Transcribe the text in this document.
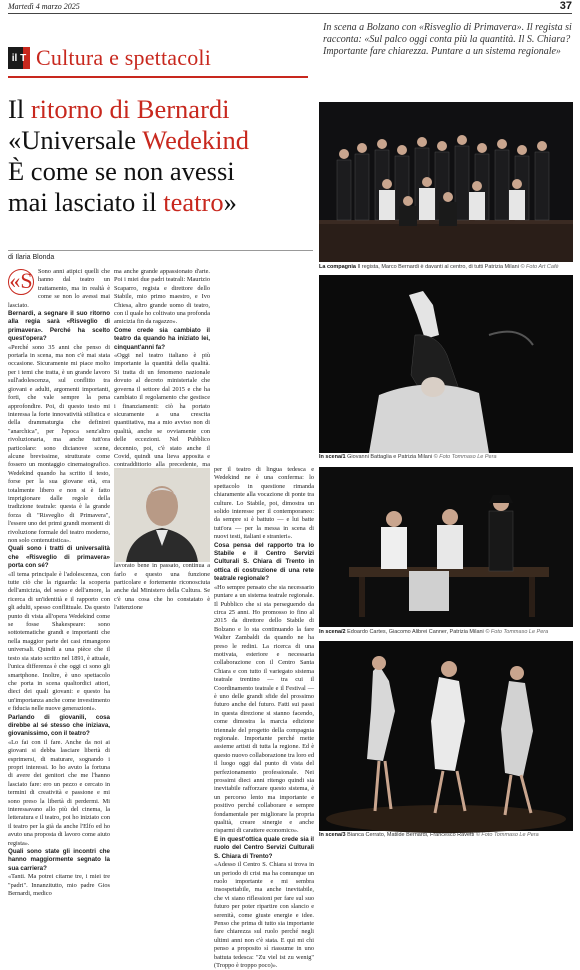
Martedì 4 marzo 2025	37
il T Cultura e spettacoli
In scena a Bolzano con «Risveglio di Primavera». Il regista si racconta: «Sul palco oggi conta più la quantità. Il S. Chiara? Importante fare chiarezza. Puntare a un sistema regionale»
Il ritorno di Bernardi
«Universale Wedekind
È come se non avessi
mai lasciato il teatro»
di Ilaria Blonda
«S Sono anni atipici quelli che hanno dal teatro un trattamento, ma in realtà è come se non lo avessi mai lasciato.

Bernardi, a segnare il suo ritorno alla regia sarà «Risveglio di primavera». Perché ha scelto quest'opera?

«Perché sono 35 anni che penso di portarla in scena, ma non c'è mai stata occasione. Sicuramente mi piace molto per i temi che tratta, è un grande lavoro sull'adolescenza, sul conflitto tra giovani e adulti, argomenti importanti, forti, che vale sempre la pena approfondire. Poi, di questo testo mi interessa la forte innovatività stilistica e della drammaturgia che definirei "anarchica", per l'epoca senz'altro rivoluzionaria, ma anche tutt'ora particolare: sono dicianove scene, alcune brevissime, strutturate come fossero un montaggio cinematografico. Wedekind quando ha scritto il testo, forse per la sua giovane età, era totalmente libero e non si è fatto imprigionare dalle regole della tradizione teatrale: questa è la grande forza di "Risveglio di Primavera", l'essere uno dei primi grandi momenti di rivoluzione formale del teatro moderno, non solo contenutistica».

Quali sono i tratti di universalità che «Risveglio di primavera» porta con sé?

«Il tema principale è l'adolescenza, con tutte ciò che la riguarda: la scoperta dell'amicizia, del sesso e dell'amore, la ricerca di un'identità e il rapporto con gli adulti, spesso conflittuale. Da questo punto di vista all'opera Wedekind come se fosse Shakespeare: sono sottotematiche grandi e importanti che nella maggior parte dei casi rimangono universali. Quindi a una pièce che il testo sia stato scritto nel 1891, è attuale, l'unica differenza è che oggi ci sono gli smartphone. Inoltre, è uno spettacolo che porta in scena qualtordici attori, dieci dei quali giovani: e questo ha un'importanza anche come investimento e fiducia nelle nuove generazioni».

Parlando di giovanili, cosa direbbe al sé stesso che iniziava, giovanissimo, con il teatro?

«Lo fai con il fare. Anche da noi ai giovani si debba lasciare libertà di esprimersi, di maturare, sognando i propri interessi. Io ho avuto la fortuna di avere dei genitori che me l'hanno lasciato fare: ero un pezzo e cercato in termini di creatività e passione e mi sono preso la libertà di perdermi. Mi interessavano allo più del cinema, la letteratura e il teatro, poi ho iniziato con il teatro per la già da anche l'Elfo ed ho avuto una proposta di lavoro come aiuto regista».

Quali sono state gli incontri che hanno maggiormente segnato la sua carriera?

«Tanti. Ma potrei citarne tre, i miei tre "padri". Innanzitutto, mio padre Gios Bernardi, medico

ma anche grande appassionato d'arte. Poi i miei due padri teatrali: Maurizio Scaparro, regista e direttore dello Stabile, mio primo maestro, e Ivo Chiesa, altro grande uomo di teatro, con il quale ho coltivato una profonda amicizia fin da ragazzo».

Come crede sia cambiato il teatro da quando ha iniziato lei, cinquant'anni fa?

«Oggi nel teatro italiano è più importante la quantità della qualità. Si tratta di un fenomeno nazionale dovuto al decreto ministeriale che governa il settore dal 2015 e che ha cambiato il regolamento che gestisce i finanziamenti: ciò ha portato sicuramente a una crescita quantitativa, ma a mio avviso non di qualità, anche se ovviamente con delle eccezioni. Nel Pubblico decennio, poi, c'è stato anche il Covid, quindi una lieva apposita e contraddittorio alla precedente, ma

lavorato bene in passato, continua a farlo e questo una funzione particolare e fortemente riconosciuta anche dal Ministero della Cultura. Se c'è una cosa che ho constatato è l'attenzione

per il teatro di lingua tedesca e Wedekind ne è una conferma: lo spettacolo in questione rimanda chiaramente alla vocazione di ponte tra culture. Lo Stabile, poi, dimostra un solido interesse per il contemporaneo: da sempre si è battuto — e lui batte tutt'ora — per la messa in scena di nuovi testi, italiani e stranieri».

Cosa pensa del rapporto tra lo Stabile e il Centro Servizi Culturali S. Chiara di Trento in ottica di costruzione di una rete teatrale regionale?

«Ho sempre pensato che sia necessario puntare a un sistema teatrale regionale. Il Pubblico che si sta perseguendo da circa 25 anni. Ho promosso io fino al 2015 da direttore dello Stabile di Bolzano e lo sta continuando la fare Walter Zambaldi da quando ne ha preso le redini. La ricerca di una motivata, esteriore e necessaria collaborazione con il Centro Santa Chiara e con tutto il variegato sistema teatrale trentino — tra cui il Coordinamento teatrale e il Festival — è uno delle grandi sfide del prossimo futuro anche del futuro. Fatti sui passi in questa direzione si stanno facendo, come dimostra la marcia edizione triennale del progetto della compagnia regionale. Importante perché mette assieme artisti di tutta la regione. Ed è questo nuovo collaborazione tra loro ed il luogo oggi dal punto di vista del perfezionamento professionale. Nei prossimi dieci anni ritengo quindi sia inevitabile rafforzare questo sistema, è un percorso lento ma importante e positivo perché collaborare e sempre fondamentale per migliorare la propria qualità, creare sinergie e anche risparmi di carattere economico».

E in quest'ottica quale crede sia il ruolo del Centro Servizi Culturali S. Chiara di Trento?

«Adesso il Centro S. Chiara si trova in un periodo di crisi ma ha comunque un ruolo importante e mi sembra insospettabile, ma anche inevitabile, che vi siano riflessioni per fare sul suo futuro per poter ripartire con slancio e serenità, come giuste energie e idee. Penso che prima di tutto sia importante fare chiarezza sul ruolo perché negli ultimi anni non c'è stata. E qui mi chi penso a proposito sì riassume in uno battuta tedesca: "Zu viel ist zu wenig" (Troppo è troppo poco)».

La compagnia Il regista, Marco Bernardi è davanti al centro, di tutti Patrizia Milani © Foto Art Cafè
In scena/1 Giovanni Battaglia e Patrizia Milani © Foto Tommaso Le Pera
In scena/2 Edoardo Cartes, Giacomo Alibrei Canner, Patrizia Milani © Foto Tommaso Le Pera
In scena/3 Bianca Cerrato, Matilde Bernardi, Francesco Ravetti © Foto Tommaso Le Pera
